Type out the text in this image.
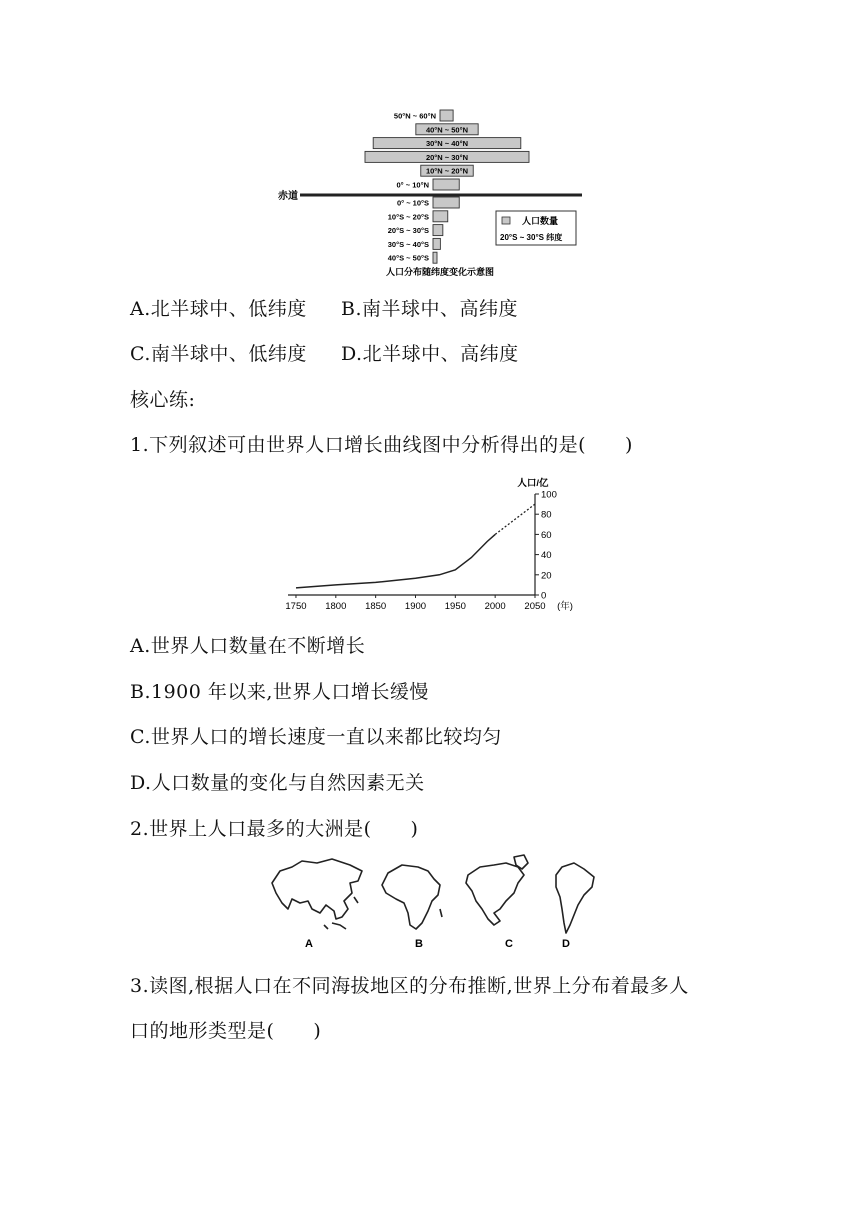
50°N ~ 60°N
40°N ~ 50°N
30°N ~ 40°N
20°N ~ 30°N
10°N ~ 20°N
0° ~ 10°N
0° ~ 10°S
10°S ~ 20°S
20°S ~ 30°S
30°S ~ 40°S
40°S ~ 50°S
赤道
人口数量
20°S ~ 30°S 纬度
人口分布随纬度变化示意图
A.北半球中、低纬度 B.南半球中、高纬度
C.南半球中、低纬度 D.北半球中、高纬度
核心练:
1.下列叙述可由世界人口增长曲线图中分析得出的是(　　)
0
20
40
60
80
100
1750 1800 1850 1900 1950 2000 2050 (年)
人口/亿
A.世界人口数量在不断增长
B.1900 年以来,世界人口增长缓慢
C.世界人口的增长速度一直以来都比较均匀
D.人口数量的变化与自然因素无关
2.世界上人口最多的大洲是(　　)
A	B	C	D
3.读图,根据人口在不同海拔地区的分布推断,世界上分布着最多人
口的地形类型是(　　)
